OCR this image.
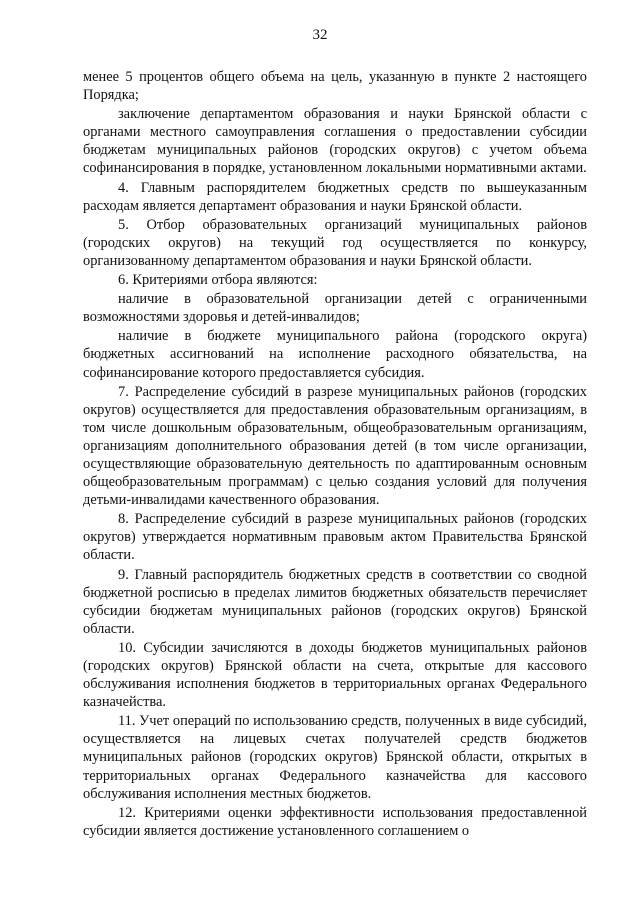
32

менее 5 процентов общего объема на цель, указанную в пункте 2 настоящего Порядка;

заключение департаментом образования и науки Брянской области с органами местного самоуправления соглашения о предоставлении субсидии бюджетам муниципальных районов (городских округов) с учетом объема софинансирования в порядке, установленном локальными нормативными актами.

4. Главным распорядителем бюджетных средств по вышеуказанным расходам является департамент образования и науки Брянской области.

5. Отбор образовательных организаций муниципальных районов (городских округов) на текущий год осуществляется по конкурсу, организованному департаментом образования и науки Брянской области.

6. Критериями отбора являются:

наличие в образовательной организации детей с ограниченными возможностями здоровья и детей-инвалидов;

наличие в бюджете муниципального района (городского округа) бюджетных ассигнований на исполнение расходного обязательства, на софинансирование которого предоставляется субсидия.

7. Распределение субсидий в разрезе муниципальных районов (городских округов) осуществляется для предоставления образовательным организациям, в том числе дошкольным образовательным, общеобразовательным организациям, организациям дополнительного образования детей (в том числе организации, осуществляющие образовательную деятельность по адаптированным основным общеобразовательным программам) с целью создания условий для получения детьми-инвалидами качественного образования.

8. Распределение субсидий в разрезе муниципальных районов (городских округов) утверждается нормативным правовым актом Правительства Брянской области.

9. Главный распорядитель бюджетных средств в соответствии со сводной бюджетной росписью в пределах лимитов бюджетных обязательств перечисляет субсидии бюджетам муниципальных районов (городских округов) Брянской области.

10. Субсидии зачисляются в доходы бюджетов муниципальных районов (городских округов) Брянской области на счета, открытые для кассового обслуживания исполнения бюджетов в территориальных органах Федерального казначейства.

11. Учет операций по использованию средств, полученных в виде субсидий, осуществляется на лицевых счетах получателей средств бюджетов муниципальных районов (городских округов) Брянской области, открытых в территориальных органах Федерального казначейства для кассового обслуживания исполнения местных бюджетов.

12. Критериями оценки эффективности использования предоставленной субсидии является достижение установленного соглашением о
